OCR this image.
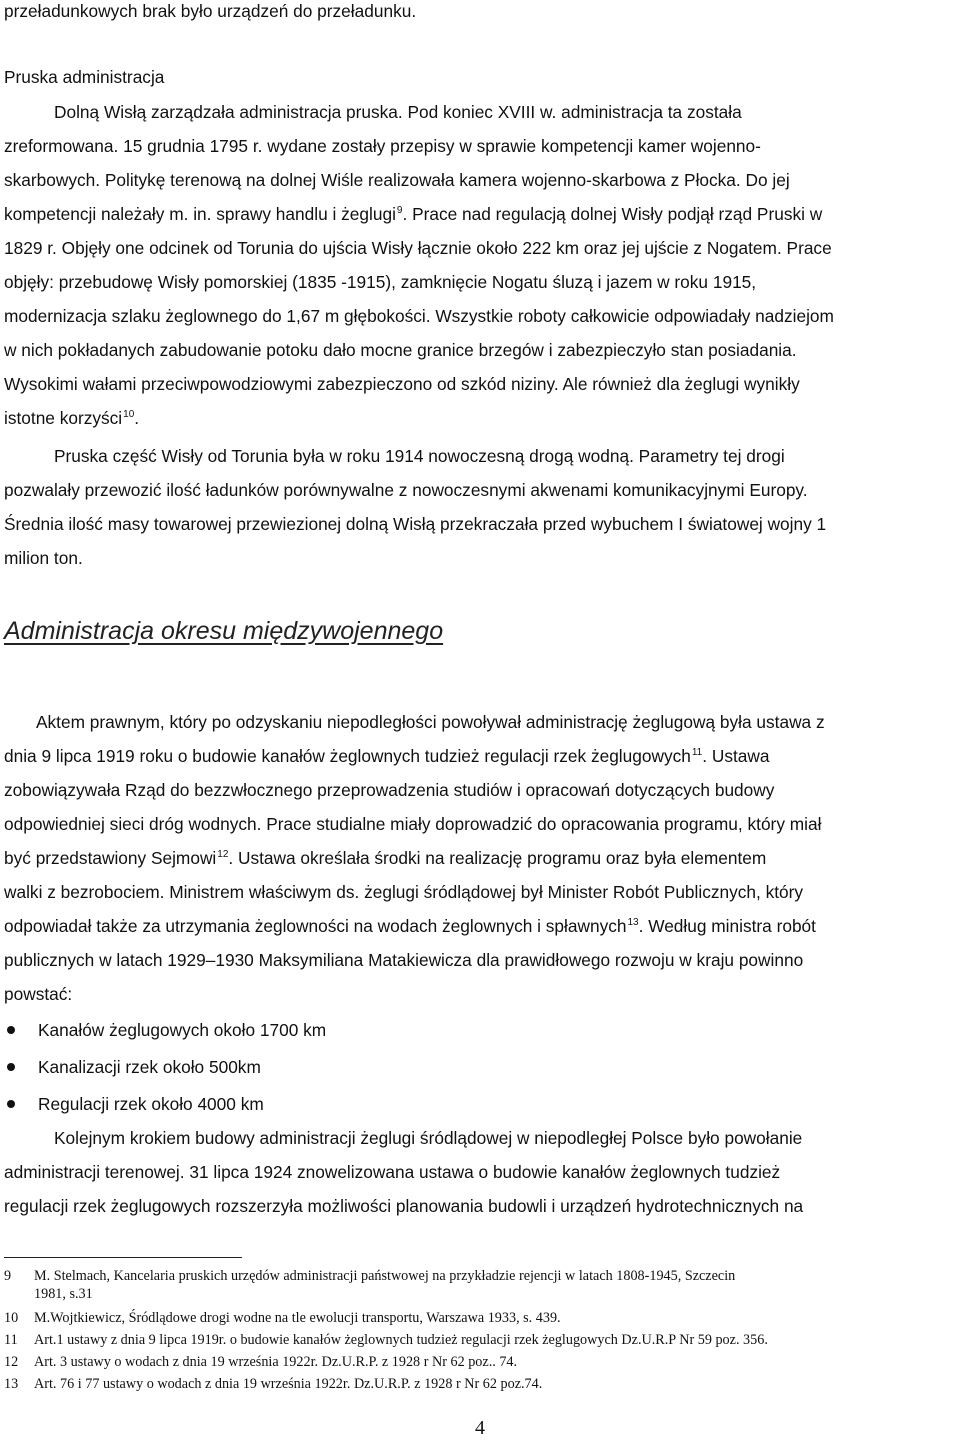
przeładunkowych brak było urządzeń do przeładunku.
Pruska administracja
Dolną Wisłą zarządzała administracja pruska. Pod koniec XVIII w. administracja ta została
zreformowana. 15 grudnia 1795 r. wydane zostały przepisy w sprawie kompetencji kamer wojenno-
skarbowych. Politykę terenową na dolnej Wiśle realizowała kamera wojenno-skarbowa z Płocka. Do jej
kompetencji należały m. in. sprawy handlu i żeglugi$^9$. Prace nad regulacją dolnej Wisły podjął rząd Pruski w
1829 r. Objęły one odcinek od Torunia do ujścia Wisły łącznie około 222 km oraz jej ujście z Nogatem. Prace
objęły: przebudowę Wisły pomorskiej (1835 -1915), zamknięcie Nogatu śluzą i jazem w roku 1915,
modernizacja szlaku żeglownego do 1,67 m głębokości. Wszystkie roboty całkowicie odpowiadały nadziejom
w nich pokładanych zabudowanie potoku dało mocne granice brzegów i zabezpieczyło stan posiadania.
Wysokimi wałami przeciwpowodziowymi zabezpieczono od szkód niziny. Ale również dla żeglugi wynikły
istotne korzyści$^{10}$.
Pruska część Wisły od Torunia była w roku 1914 nowoczesną drogą wodną. Parametry tej drogi
pozwalały przewozić ilość ładunków porównywalne z nowoczesnymi akwenami komunikacyjnymi Europy.
Średnia ilość masy towarowej przewiezionej dolną Wisłą przekraczała przed wybuchem I światowej wojny 1
milion ton.
Administracja okresu międzywojennego
Aktem prawnym, który po odzyskaniu niepodległości powoływał administrację żeglugową była ustawa z
dnia 9 lipca 1919 roku o budowie kanałów żeglownych tudzież regulacji rzek żeglugowych$^{11}$. Ustawa
zobowiązywała Rząd do bezzwłocznego przeprowadzenia studiów i opracowań dotyczących budowy
odpowiedniej sieci dróg wodnych. Prace studialne miały doprowadzić do opracowania programu, który miał
być przedstawiony Sejmowi$^{12}$. Ustawa określała środki na realizację programu oraz była elementem
walki z bezrobociem. Ministrem właściwym ds. żeglugi śródlądowej był Minister Robót Publicznych, który
odpowiadał także za utrzymania żeglowności na wodach żeglownych i spławnych$^{13}$. Według ministra robót
publicznych w latach 1929–1930 Maksymiliana Matakiewicza dla prawidłowego rozwoju w kraju powinno
powstać:
Kanałów żeglugowych około 1700 km
Kanalizacji rzek około 500km
Regulacji rzek około 4000 km
Kolejnym krokiem budowy administracji żeglugi śródlądowej w niepodległej Polsce było powołanie
administracji terenowej. 31 lipca 1924 znowelizowana ustawa o budowie kanałów żeglownych tudzież
regulacji rzek żeglugowych rozszerzyła możliwości planowania budowli i urządzeń hydrotechnicznych na
9 M. Stelmach, Kancelaria pruskich urzędów administracji państwowej na przykładzie rejencji w latach 1808-1945, Szczecin
1981, s.31
10 M.Wojtkiewicz, Śródlądowe drogi wodne na tle ewolucji transportu, Warszawa 1933, s. 439.
11 Art.1 ustawy z dnia 9 lipca 1919r. o budowie kanałów żeglownych tudzież regulacji rzek żeglugowych Dz.U.R.P Nr 59 poz. 356.
12 Art. 3 ustawy o wodach z dnia 19 września 1922r. Dz.U.R.P. z 1928 r Nr 62 poz.. 74.
13 Art. 76 i 77 ustawy o wodach z dnia 19 września 1922r. Dz.U.R.P. z 1928 r Nr 62 poz.74.
4
